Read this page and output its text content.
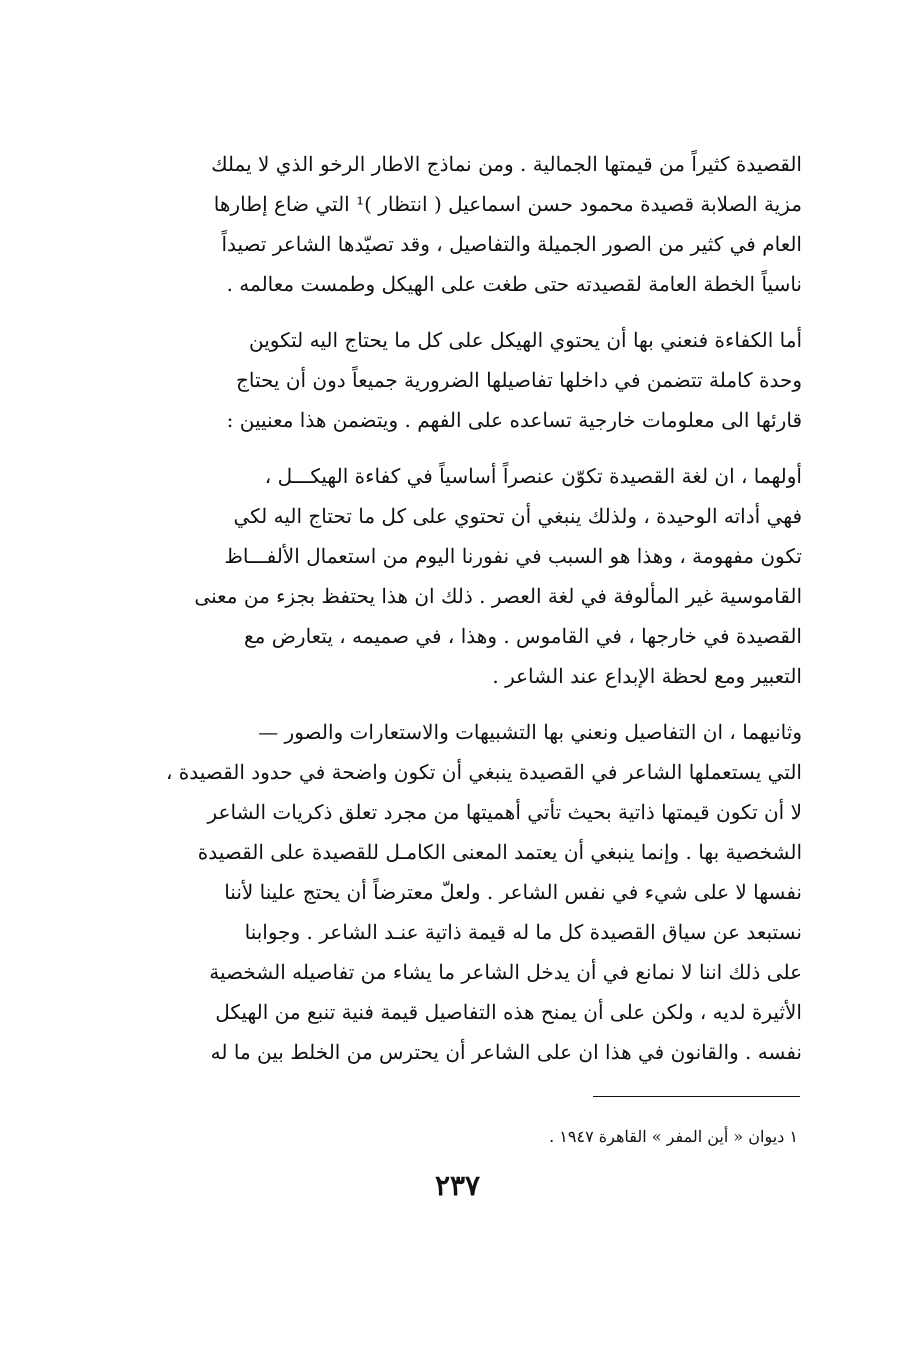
القصيدة كثيراً من قيمتها الجمالية . ومن نماذج الاطار الرخو الذي لا يملك
مزية الصلابة قصيدة محمود حسن اسماعيل ( انتظار )¹ التي ضاع إطارها
العام في كثير من الصور الجميلة والتفاصيل ، وقد تصيّدها الشاعر تصيداً
ناسياً الخطة العامة لقصيدته حتى طغت على الهيكل وطمست معالمه .
أما الكفاءة فنعني بها أن يحتوي الهيكل على كل ما يحتاج اليه لتكوين
وحدة كاملة تتضمن في داخلها تفاصيلها الضرورية جميعاً دون أن يحتاج
قارئها الى معلومات خارجية تساعده على الفهم . ويتضمن هذا معنيين :
أولهما ، ان لغة القصيدة تكوّن عنصراً أساسياً في كفاءة الهيكـــل ،
فهي أداته الوحيدة ، ولذلك ينبغي أن تحتوي على كل ما تحتاج اليه لكي
تكون مفهومة ، وهذا هو السبب في نفورنا اليوم من استعمال الألفـــاظ
القاموسية غير المألوفة في لغة العصر . ذلك ان هذا يحتفظ بجزء من معنى
القصيدة في خارجها ، في القاموس . وهذا ، في صميمه ، يتعارض مع
التعبير ومع لحظة الإبداع عند الشاعر .
وثانيهما ، ان التفاصيل ونعني بها التشبيهات والاستعارات والصور —
التي يستعملها الشاعر في القصيدة ينبغي أن تكون واضحة في حدود القصيدة ،
لا أن تكون قيمتها ذاتية بحيث تأتي أهميتها من مجرد تعلق ذكريات الشاعر
الشخصية بها . وإنما ينبغي أن يعتمد المعنى الكامـل للقصيدة على القصيدة
نفسها لا على شيء في نفس الشاعر . ولعلّ معترضاً أن يحتج علينا لأننا
نستبعد عن سياق القصيدة كل ما له قيمة ذاتية عنـد الشاعر . وجوابنا
على ذلك اننا لا نمانع في أن يدخل الشاعر ما يشاء من تفاصيله الشخصية
الأثيرة لديه ، ولكن على أن يمنح هذه التفاصيل قيمة فنية تنبع من الهيكل
نفسه . والقانون في هذا ان على الشاعر أن يحترس من الخلط بين ما له
١ ديوان « أين المفر » القاهرة ١٩٤٧ .
٢٣٧
